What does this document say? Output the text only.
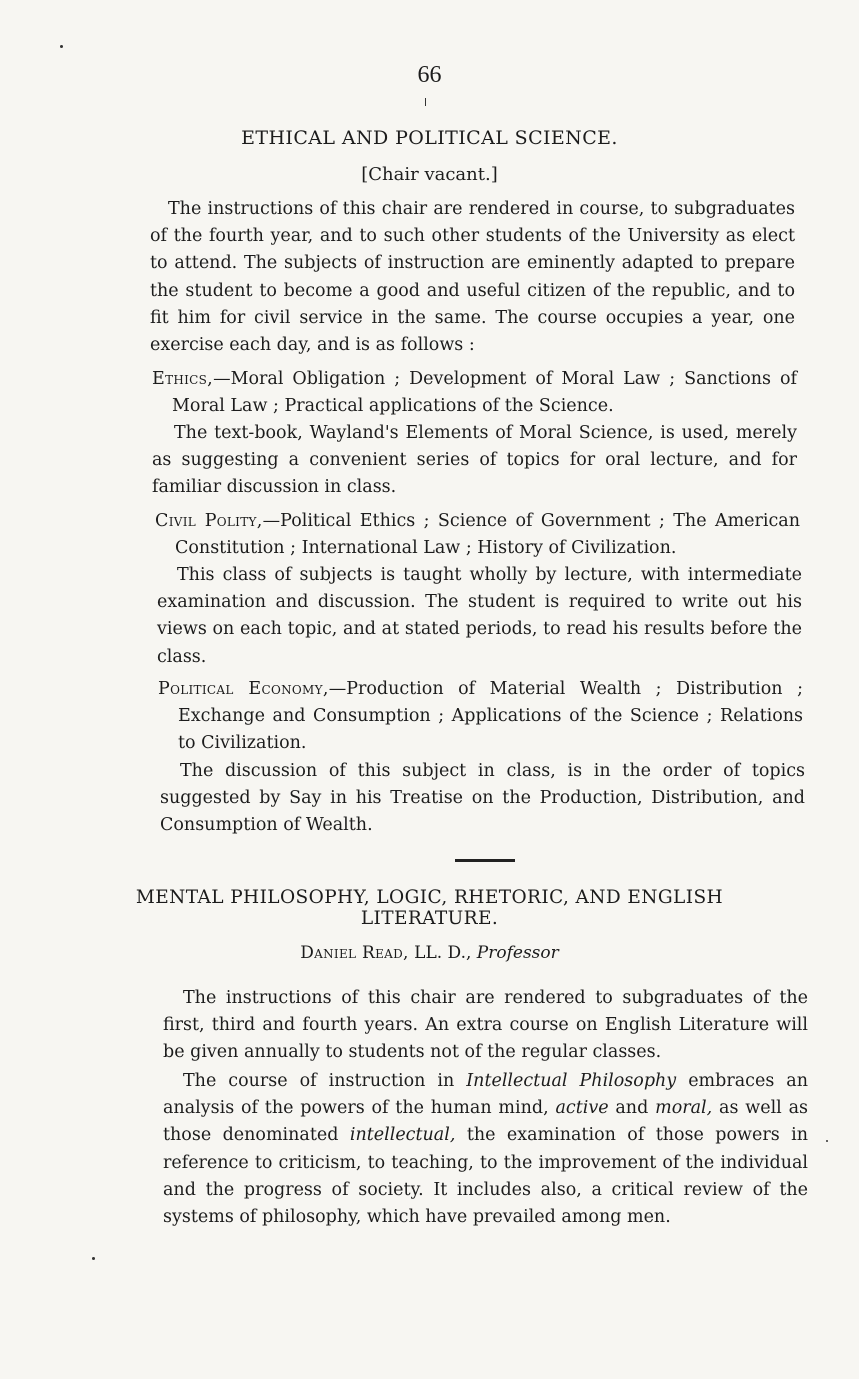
66
ETHICAL AND POLITICAL SCIENCE.
[Chair vacant.]
The instructions of this chair are rendered in course, to subgraduates of the fourth year, and to such other students of the University as elect to attend. The subjects of instruction are eminently adapted to prepare the student to become a good and useful citizen of the republic, and to fit him for civil service in the same. The course occupies a year, one exercise each day, and is as follows :
Ethics,—Moral Obligation ; Development of Moral Law ; Sanctions of Moral Law ; Practical applications of the Science.
The text-book, Wayland's Elements of Moral Science, is used, merely as suggesting a convenient series of topics for oral lecture, and for familiar discussion in class.
Civil Polity,—Political Ethics ; Science of Government ; The American Constitution ; International Law ; History of Civilization.
This class of subjects is taught wholly by lecture, with intermediate examination and discussion. The student is required to write out his views on each topic, and at stated periods, to read his results before the class.
Political Economy,—Production of Material Wealth ; Distribution ; Exchange and Consumption ; Applications of the Science ; Relations to Civilization.
The discussion of this subject in class, is in the order of topics suggested by Say in his Treatise on the Production, Distribution, and Consumption of Wealth.
MENTAL PHILOSOPHY, LOGIC, RHETORIC, AND ENGLISH
LITERATURE.
Daniel Read, LL. D., Professor
The instructions of this chair are rendered to subgraduates of the first, third and fourth years. An extra course on English Literature will be given annually to students not of the regular classes.
The course of instruction in Intellectual Philosophy embraces an analysis of the powers of the human mind, active and moral, as well as those denominated intellectual, the examination of those powers in reference to criticism, to teaching, to the improvement of the individual and the progress of society. It includes also, a critical review of the systems of philosophy, which have prevailed among men.
